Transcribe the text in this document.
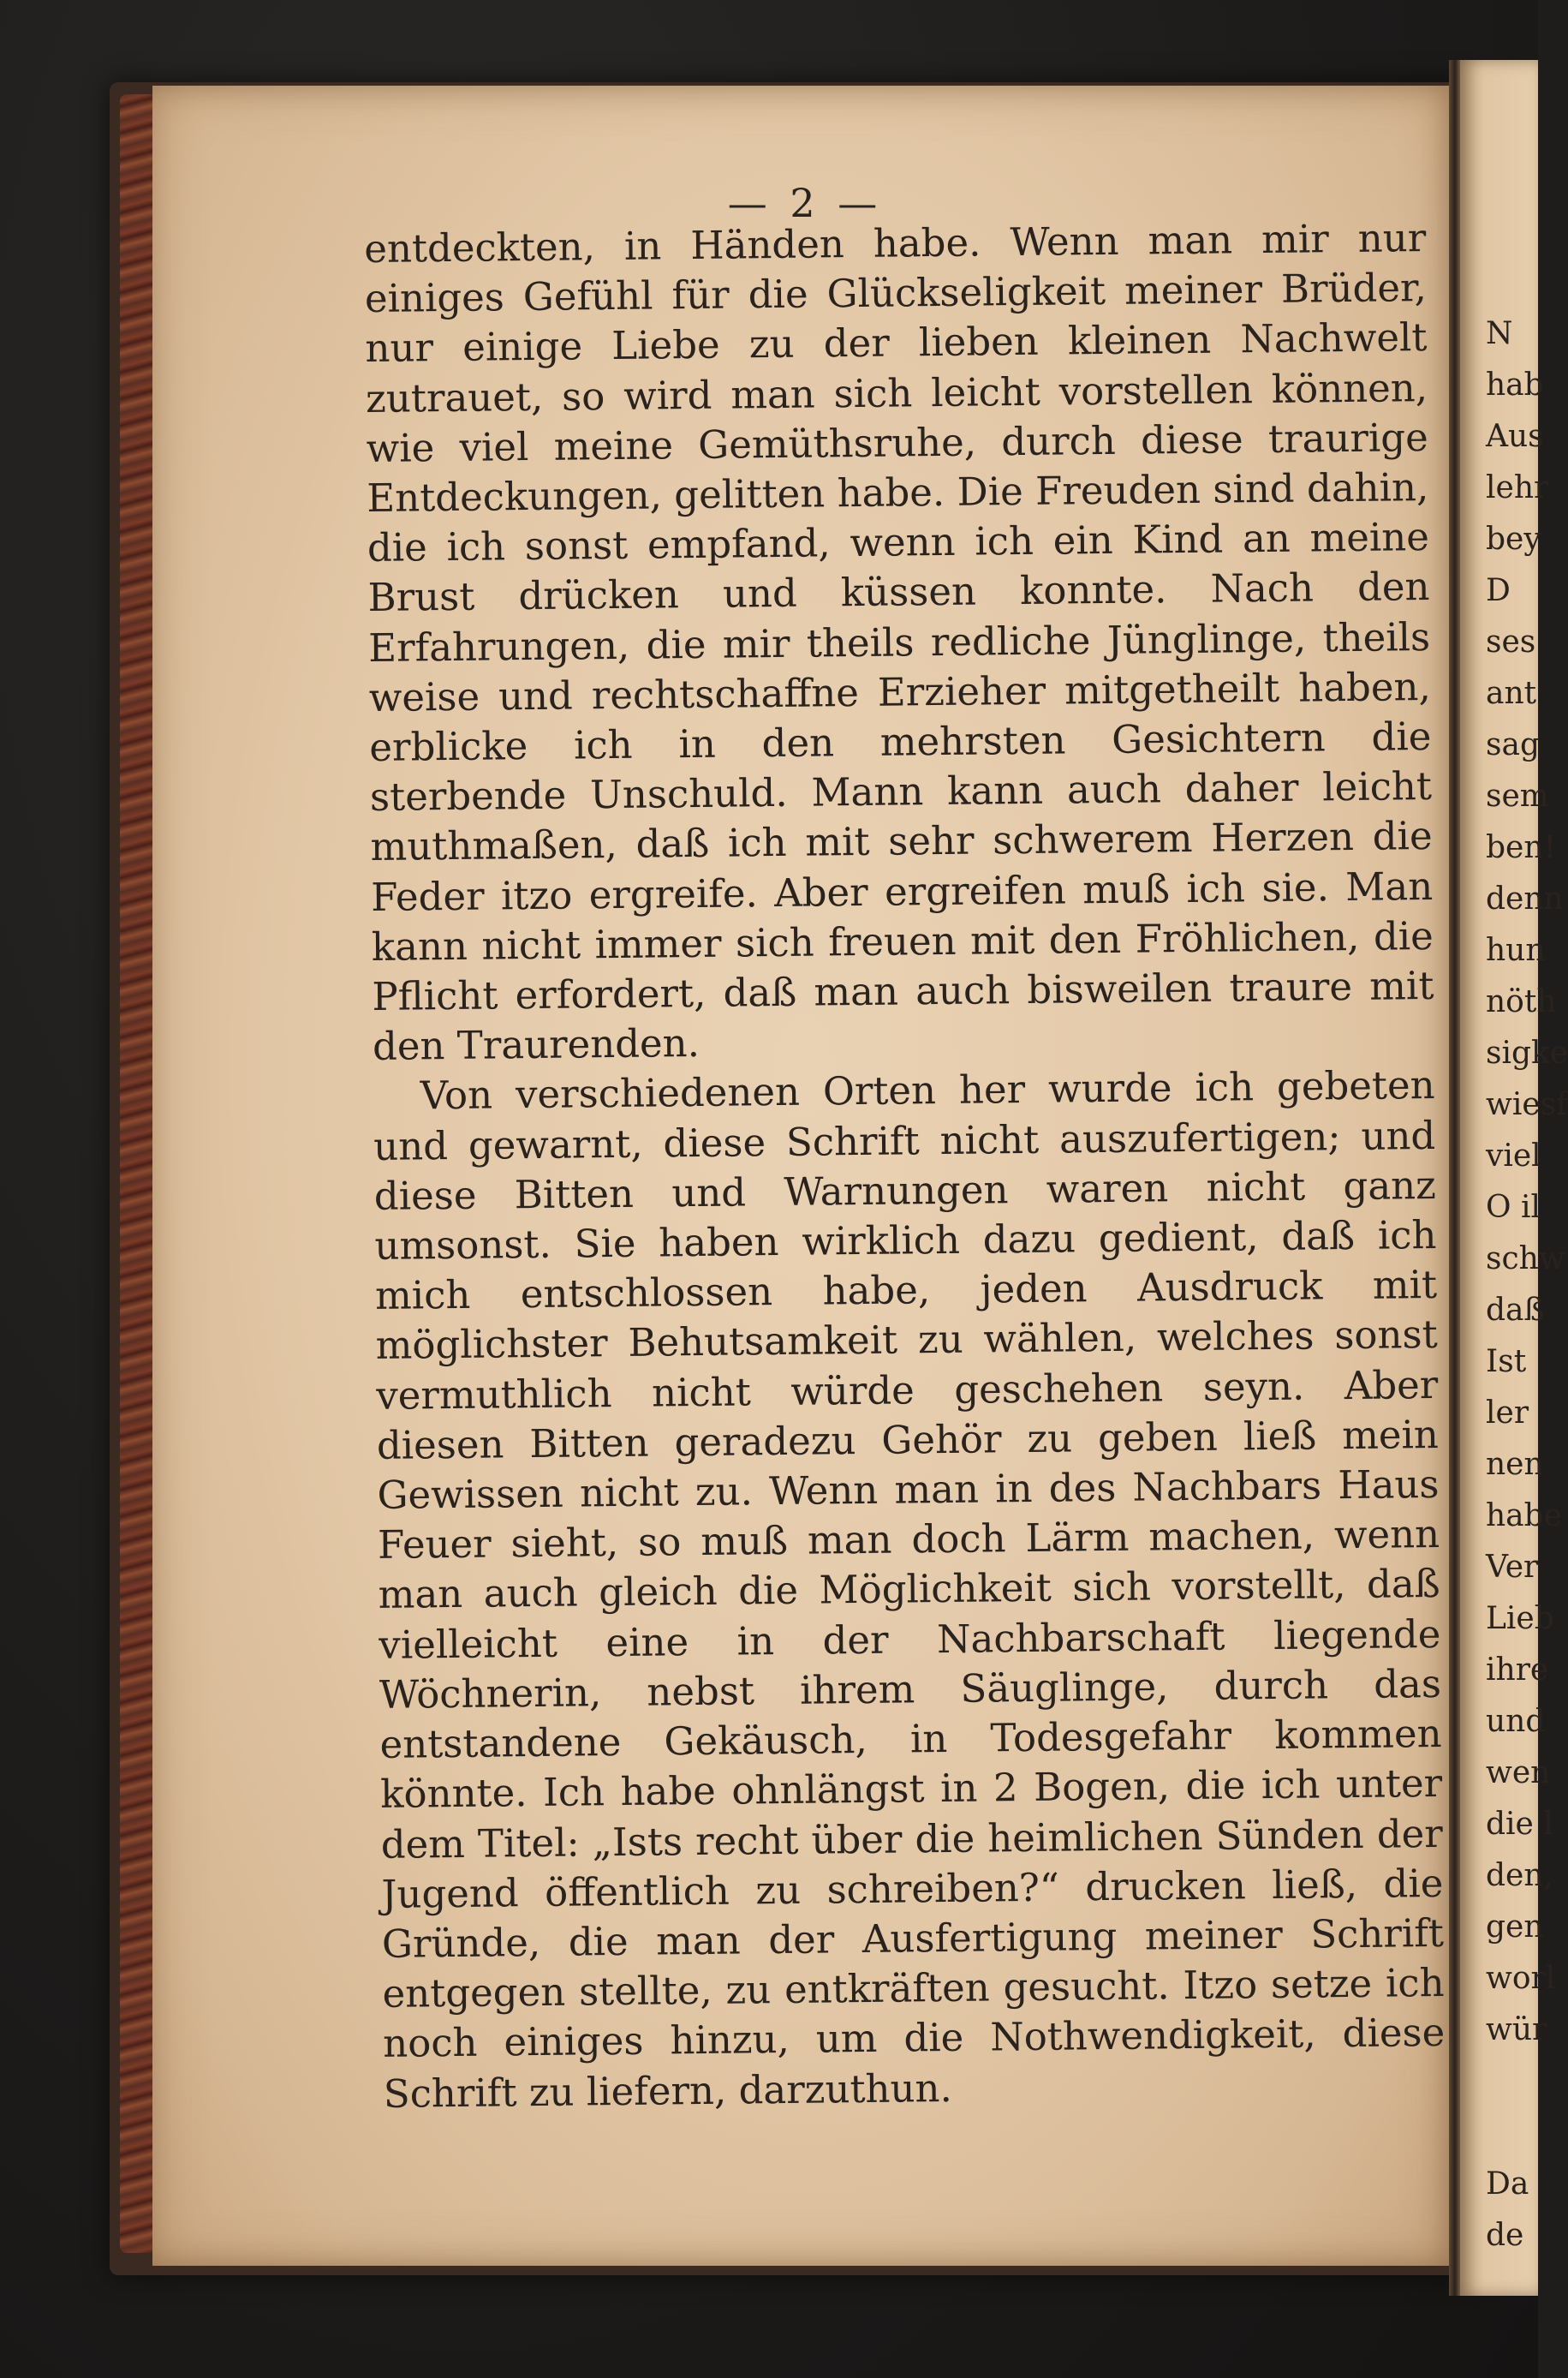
— 2 —

entdeckten, in Händen habe. Wenn man mir nur einiges Gefühl für die Glückseligkeit meiner Brüder, nur einige Liebe zu der lieben kleinen Nachwelt zutrauet, so wird man sich leicht vorstellen können, wie viel meine Gemüthsruhe, durch diese traurige Entdeckungen, gelitten habe. Die Freuden sind dahin, die ich sonst empfand, wenn ich ein Kind an meine Brust drücken und küssen konnte. Nach den Erfahrungen, die mir theils redliche Jünglinge, theils weise und rechtschaffne Erzieher mitgetheilt haben, erblicke ich in den mehrsten Gesichtern die sterbende Unschuld. Mann kann auch daher leicht muthmaßen, daß ich mit sehr schwerem Herzen die Feder itzo ergreife. Aber ergreifen muß ich sie. Man kann nicht immer sich freuen mit den Fröhlichen, die Pflicht erfordert, daß man auch bisweilen traure mit den Traurenden.

Von verschiedenen Orten her wurde ich gebeten und gewarnt, diese Schrift nicht auszufertigen; und diese Bitten und Warnungen waren nicht ganz umsonst. Sie haben wirklich dazu gedient, daß ich mich entschlossen habe, jeden Ausdruck mit möglichster Behutsamkeit zu wählen, welches sonst vermuthlich nicht würde geschehen seyn. Aber diesen Bitten geradezu Gehör zu geben ließ mein Gewissen nicht zu. Wenn man in des Nachbars Haus Feuer sieht, so muß man doch Lärm machen, wenn man auch gleich die Möglichkeit sich vorstellt, daß vielleicht eine in der Nachbarschaft liegende Wöchnerin, nebst ihrem Säuglinge, durch das entstandene Gekäusch, in Todesgefahr kommen könnte. Ich habe ohnlängst in 2 Bogen, die ich unter dem Titel: „Ists recht über die heimlichen Sünden der Jugend öffentlich zu schreiben?“ drucken ließ, die Gründe, die man der Ausfertigung meiner Schrift entgegen stellte, zu entkräften gesucht. Itzo setze ich noch einiges hinzu, um die Nothwendigkeit, diese Schrift zu liefern, darzuthun.

N
hab
Aus
lehr
bey
D
ses
ant
sag
sem
ben!
denn
hun
nöth
sigke
wiesf
viel
O il
schw
daß
Ist
ler
nen
habe
Ver
Lieb
ihre
und
wen
die l
den,
gen
worl
wür
Da
de
